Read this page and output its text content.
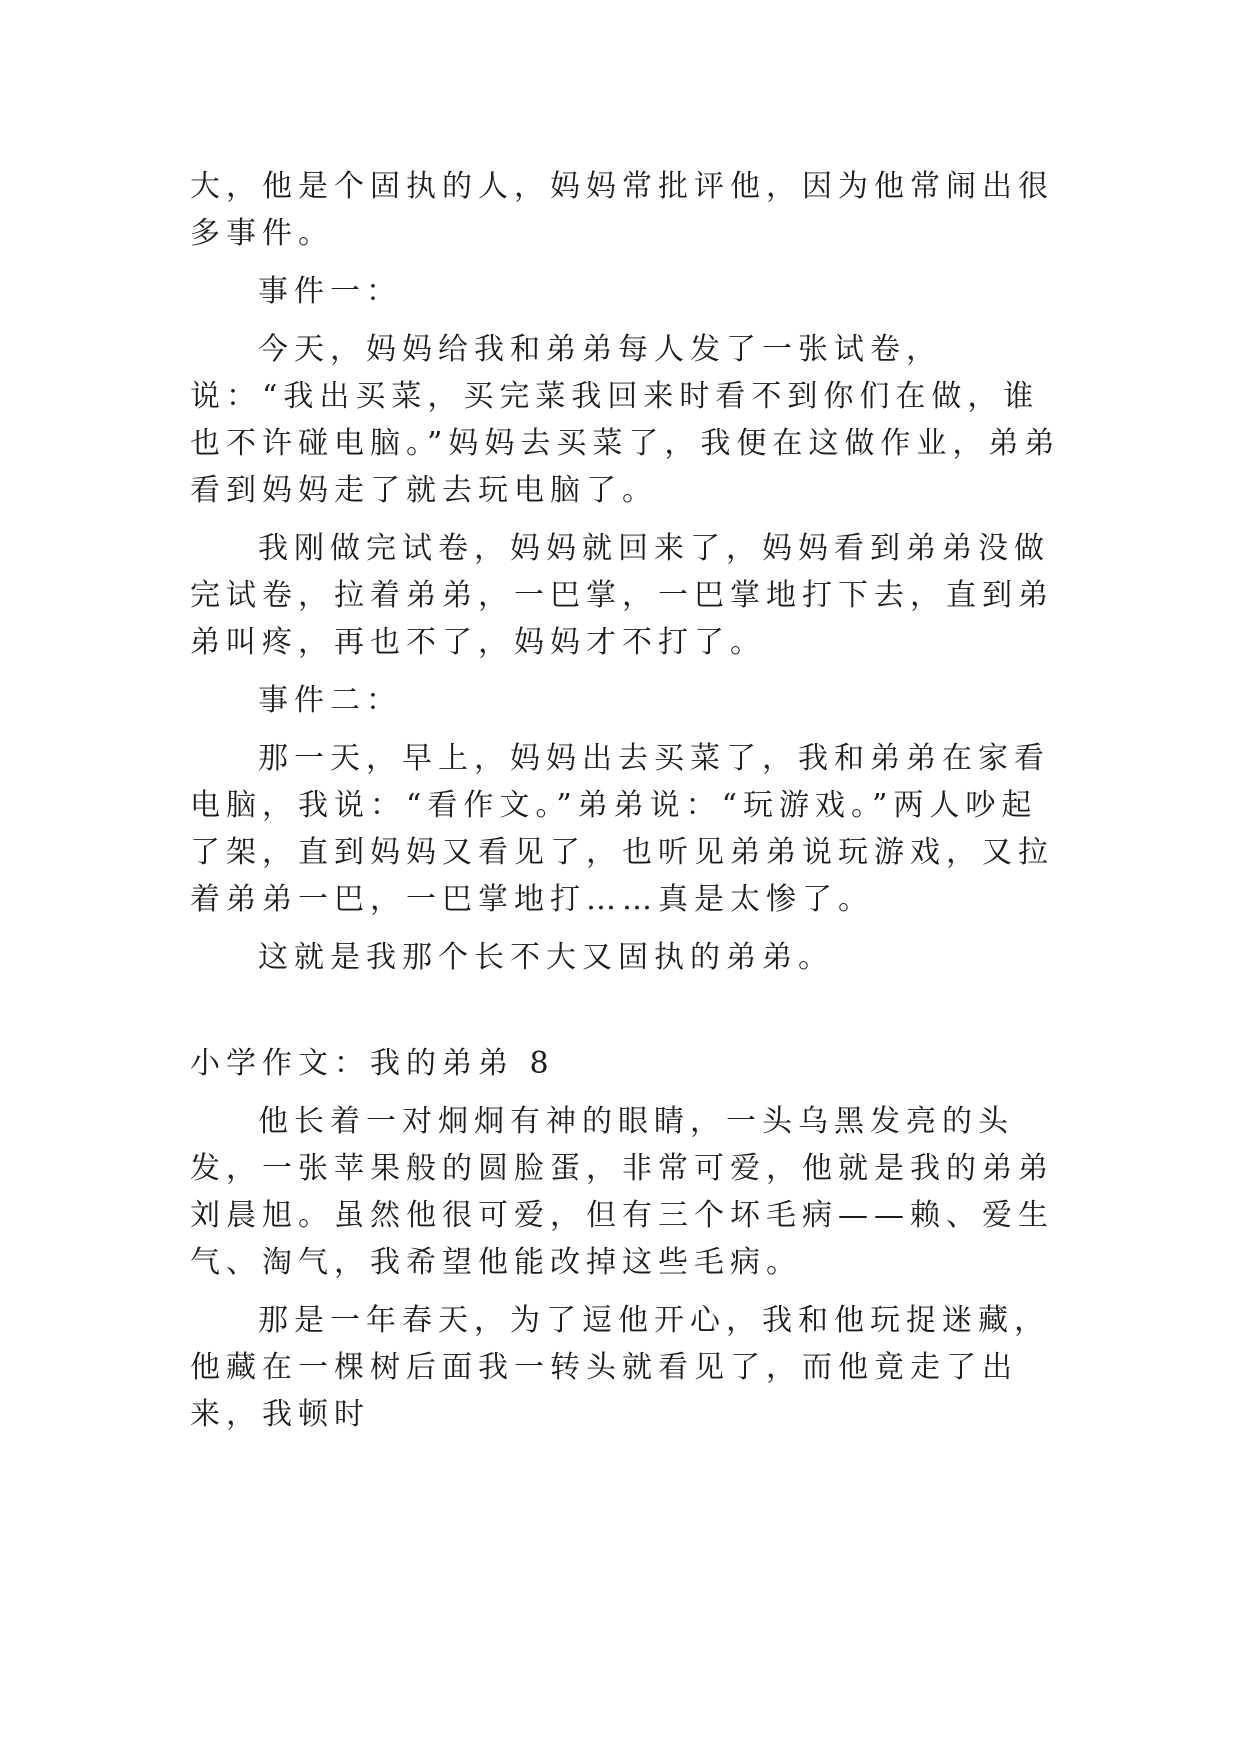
大，他是个固执的人，妈妈常批评他，因为他常闹出很多事件。

事件一：

今天，妈妈给我和弟弟每人发了一张试卷，说：“我出买菜，买完菜我回来时看不到你们在做，谁也不许碰电脑。”妈妈去买菜了，我便在这做作业，弟弟看到妈妈走了就去玩电脑了。

我刚做完试卷，妈妈就回来了，妈妈看到弟弟没做完试卷，拉着弟弟，一巴掌，一巴掌地打下去，直到弟弟叫疼，再也不了，妈妈才不打了。

事件二：

那一天，早上，妈妈出去买菜了，我和弟弟在家看电脑，我说：“看作文。”弟弟说：“玩游戏。”两人吵起了架，直到妈妈又看见了，也听见弟弟说玩游戏，又拉着弟弟一巴，一巴掌地打……真是太惨了。

这就是我那个长不大又固执的弟弟。

小学作文：我的弟弟 8

他长着一对炯炯有神的眼睛，一头乌黑发亮的头发，一张苹果般的圆脸蛋，非常可爱，他就是我的弟弟刘晨旭。虽然他很可爱，但有三个坏毛病——赖、爱生气、淘气，我希望他能改掉这些毛病。

那是一年春天，为了逗他开心，我和他玩捉迷藏，他藏在一棵树后面我一转头就看见了，而他竟走了出来，我顿时
